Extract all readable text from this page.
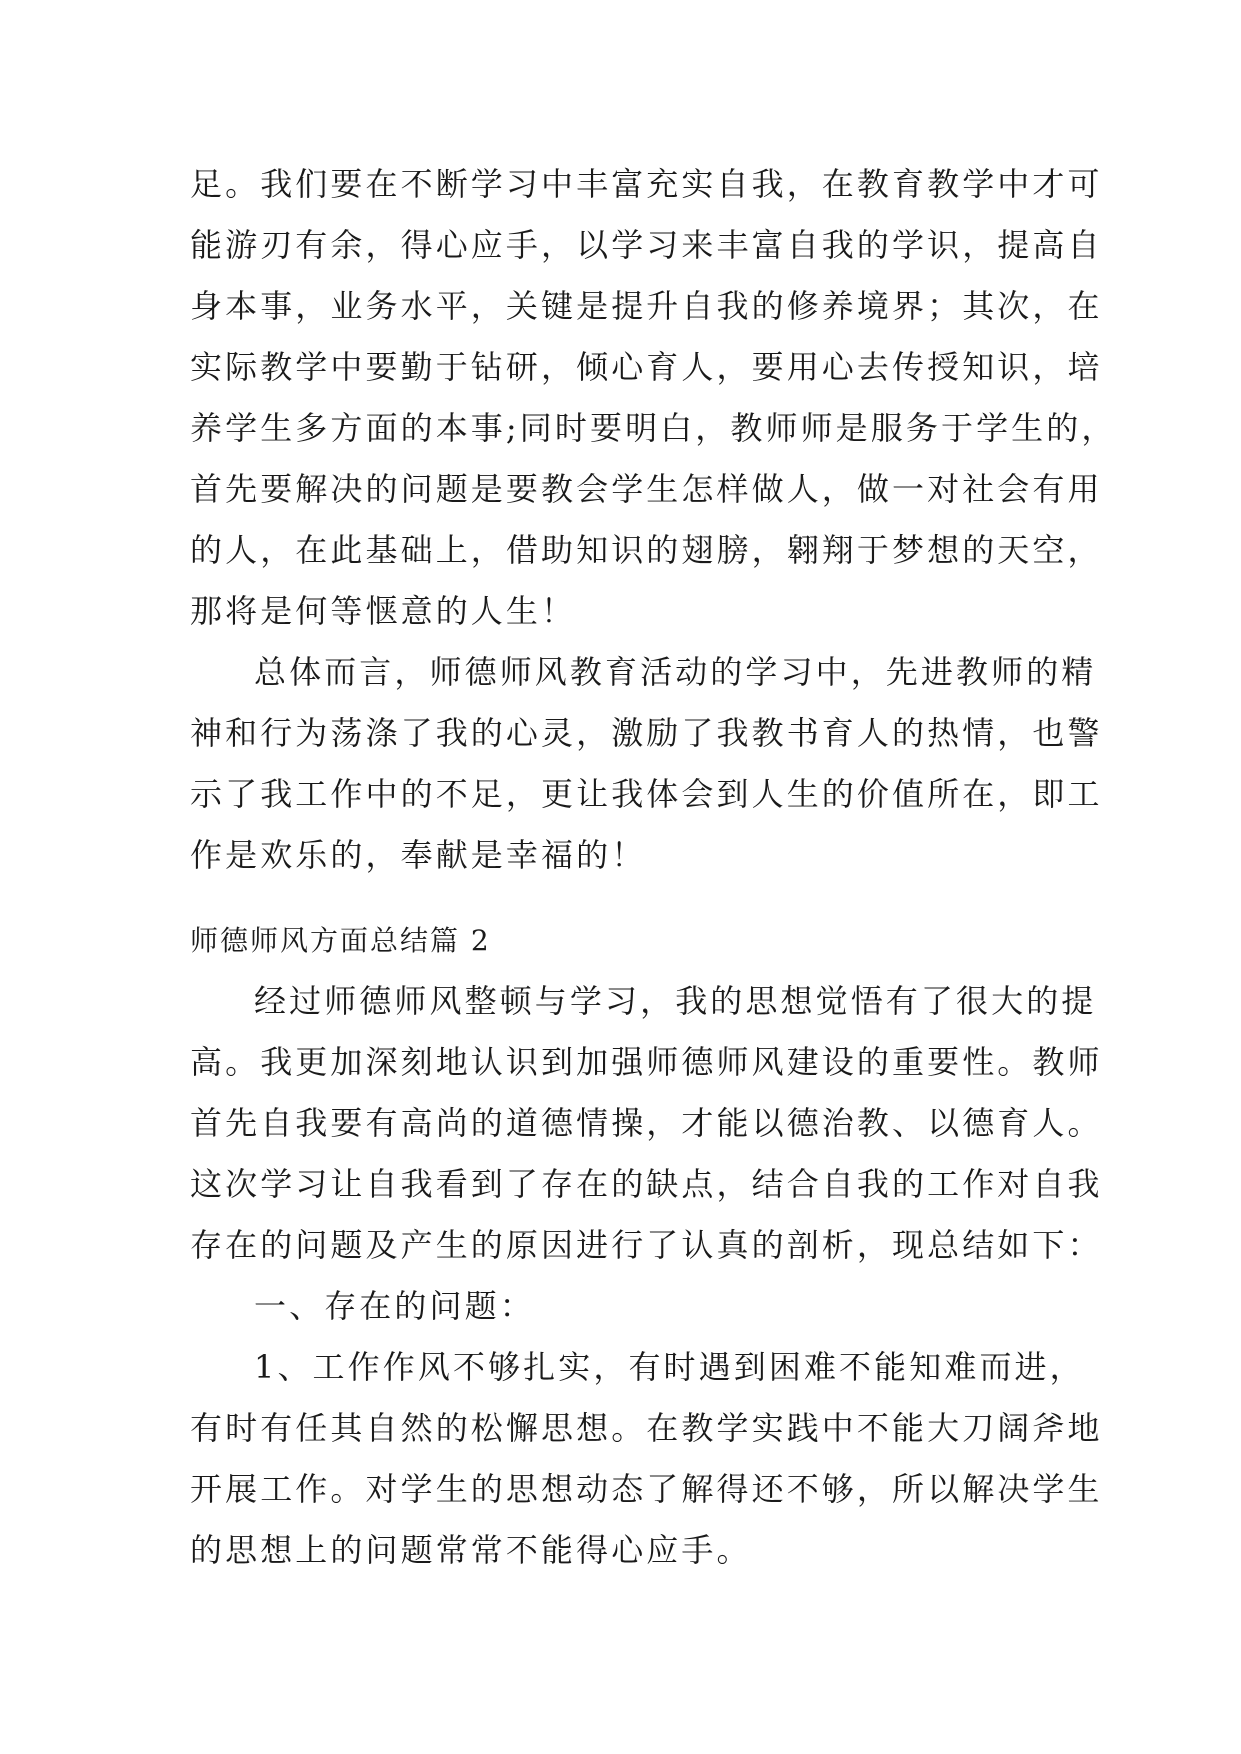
足。我们要在不断学习中丰富充实自我，在教育教学中才可
能游刃有余，得心应手，以学习来丰富自我的学识，提高自
身本事，业务水平，关键是提升自我的修养境界；其次，在
实际教学中要勤于钻研，倾心育人，要用心去传授知识，培
养学生多方面的本事;同时要明白，教师师是服务于学生的，
首先要解决的问题是要教会学生怎样做人，做一对社会有用
的人，在此基础上，借助知识的翅膀，翱翔于梦想的天空，
那将是何等惬意的人生！
总体而言，师德师风教育活动的学习中，先进教师的精
神和行为荡涤了我的心灵，激励了我教书育人的热情，也警
示了我工作中的不足，更让我体会到人生的价值所在，即工
作是欢乐的，奉献是幸福的！
师德师风方面总结篇 2
经过师德师风整顿与学习，我的思想觉悟有了很大的提
高。我更加深刻地认识到加强师德师风建设的重要性。教师
首先自我要有高尚的道德情操，才能以德治教、以德育人。
这次学习让自我看到了存在的缺点，结合自我的工作对自我
存在的问题及产生的原因进行了认真的剖析，现总结如下：
一、存在的问题：
1、工作作风不够扎实，有时遇到困难不能知难而进，
有时有任其自然的松懈思想。在教学实践中不能大刀阔斧地
开展工作。对学生的思想动态了解得还不够，所以解决学生
的思想上的问题常常不能得心应手。
